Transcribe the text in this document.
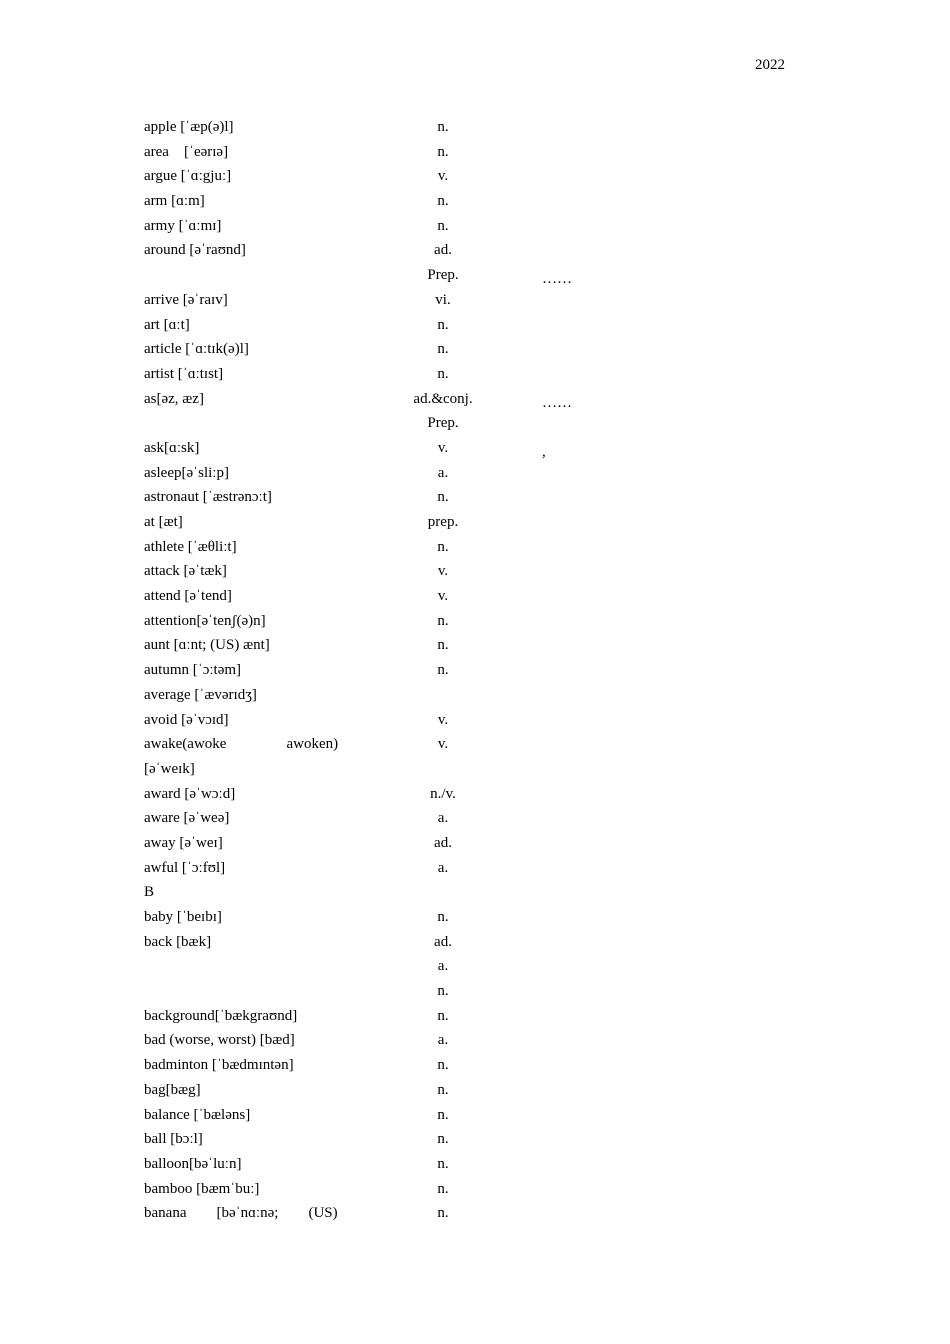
2022
apple [ˈæp(ə)l]	n.
area    [ˈeərɪə]	n.
argue [ˈɑːgjuː]	v.
arm [ɑːm]	n.
army [ˈɑːmɪ]	n.
around [əˈraʊnd]	ad.
Prep.	……
arrive [əˈraɪv]	vi.
art [ɑːt]	n.
article [ˈɑːtɪk(ə)l]	n.
artist [ˈɑːtɪst]	n.
as[əz, æz]	ad.&conj.	……
Prep.
ask[ɑːsk]	v.	,
asleep[əˈsliːp]	a.
astronaut [ˈæstrənɔːt]	n.
at [æt]	prep.
athlete [ˈæθliːt]	n.
attack [əˈtæk]	v.
attend [əˈtend]	v.
attention[əˈtenʃ(ə)n]	n.
aunt [ɑːnt; (US) ænt]	n.
autumn [ˈɔːtəm]	n.
average [ˈævərɪdʒ]
avoid [əˈvɔɪd]	v.
awake(awoke                awoken)	v.
[əˈweɪk]
award [əˈwɔːd]	n./v.
aware [əˈweə]	a.
away [əˈweɪ]	ad.
awful [ˈɔːfʊl]	a.
B
baby [ˈbeɪbɪ]	n.
back [bæk]	ad.
a.
n.
background[ˈbækgraʊnd]	n.
bad (worse, worst) [bæd]	a.
badminton [ˈbædmɪntən]	n.
bag[bæg]	n.
balance [ˈbæləns]	n.
ball [bɔːl]	n.
balloon[bəˈluːn]	n.
bamboo [bæmˈbuː]	n.
banana        [bəˈnɑːnə;        (US)	n.
